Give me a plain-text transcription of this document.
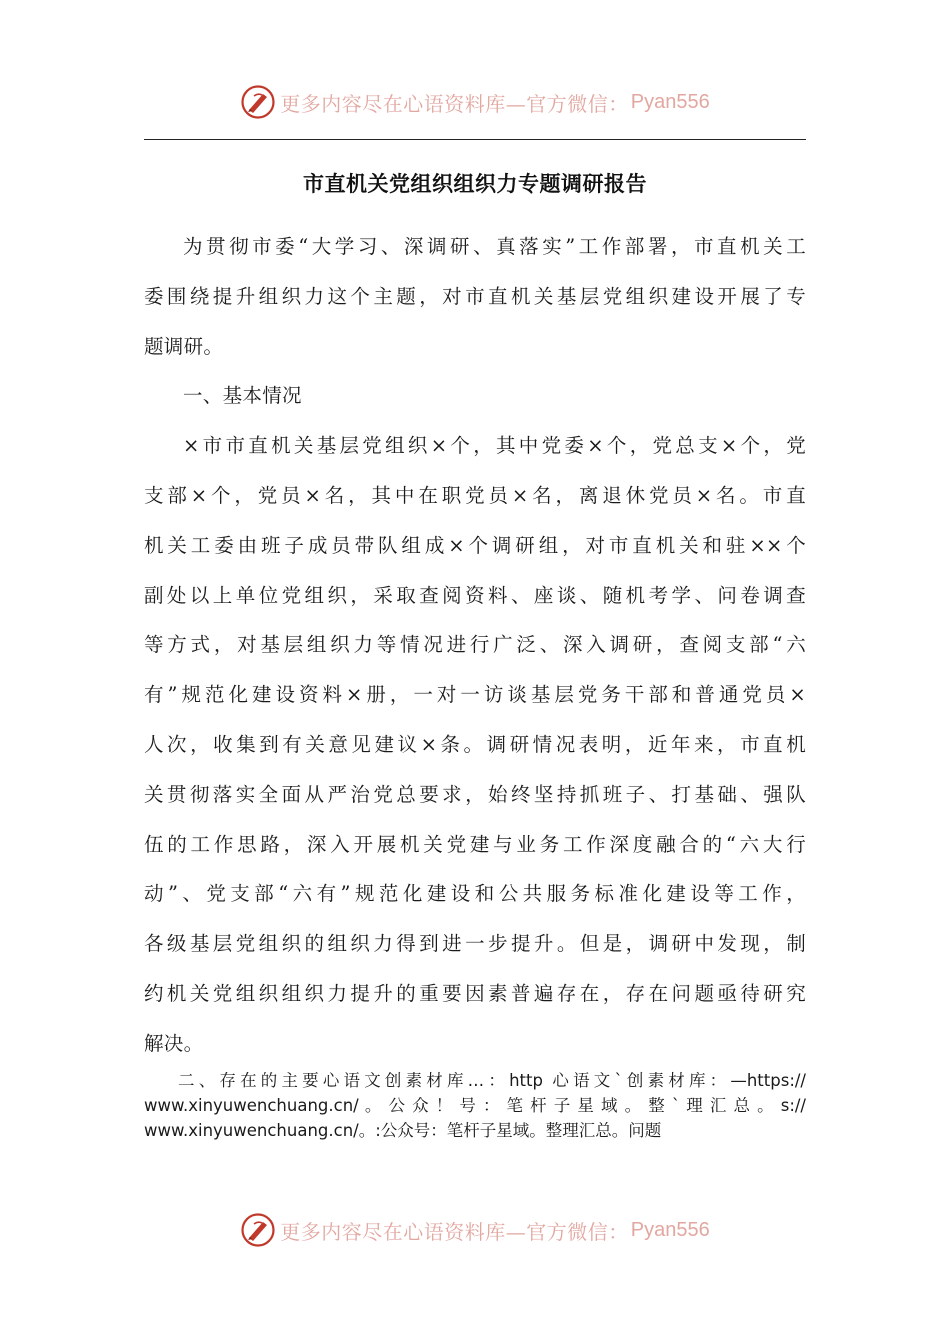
更多内容尽在心语资料库—官方微信： Pyan556
市直机关党组织组织力专题调研报告

为贯彻市委“大学习、深调研、真落实”工作部署，市直机关工
委围绕提升组织力这个主题，对市直机关基层党组织建设开展了专
题调研。

一、基本情况

×市市直机关基层党组织×个，其中党委×个，党总支×个，党
支部×个，党员×名，其中在职党员×名，离退休党员×名。市直
机关工委由班子成员带队组成×个调研组，对市直机关和驻××个
副处以上单位党组织，采取查阅资料、座谈、随机考学、问卷调查
等方式，对基层组织力等情况进行广泛、深入调研，查阅支部“六
有”规范化建设资料×册，一对一访谈基层党务干部和普通党员×
人次，收集到有关意见建议×条。调研情况表明，近年来，市直机
关贯彻落实全面从严治党总要求，始终坚持抓班子、打基础、强队
伍的工作思路，深入开展机关党建与业务工作深度融合的“六大行
动”、党支部“六有”规范化建设和公共服务标准化建设等工作，
各级基层党组织的组织力得到进一步提升。但是，调研中发现，制
约机关党组织组织力提升的重要因素普遍存在，存在问题亟待研究
解决。

二、存在的主要心语文创素材库…：http 心语文`创素材库：—https://
www.xinyuwenchuang.cn/ 。 公 众 ！ 号 ： 笔 杆 子 星 域 。 整 ` 理 汇 总 。 s://
www.xinyuwenchuang.cn/。:公众号：笔杆子星域。整理汇总。问题
更多内容尽在心语资料库—官方微信： Pyan556
